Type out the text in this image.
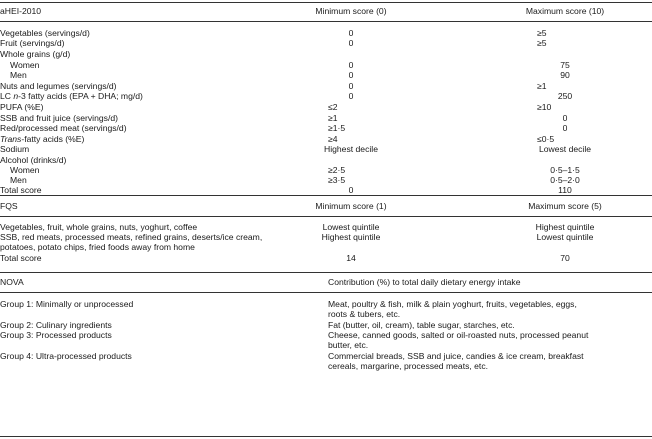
aHEI-2010	Minimum score (0)	Maximum score (10)
Vegetables (servings/d)	0	≥5
Fruit (servings/d)	0	≥5
Whole grains (g/d)
Women	0	75
Men	0	90
Nuts and legumes (servings/d)	0	≥1
LC n-3 fatty acids (EPA + DHA; mg/d)	0	250
PUFA (%E)	≤2	≥10
SSB and fruit juice (servings/d)	≥1	0
Red/processed meat (servings/d)	≥1·5	0
Trans-fatty acids (%E)	≥4	≤0·5
Sodium	Highest decile	Lowest decile
Alcohol (drinks/d)
Women	≥2·5	0·5–1·5
Men	≥3·5	0·5–2·0
Total score	0	110
FQS	Minimum score (1)	Maximum score (5)
Vegetables, fruit, whole grains, nuts, yoghurt, coffee	Lowest quintile	Highest quintile
SSB, red meats, processed meats, refined grains, deserts/ice cream,
potatoes, potato chips, fried foods away from home
Highest quintile	Lowest quintile
Total score	14	70
NOVA	Contribution (%) to total daily dietary energy intake
Group 1: Minimally or unprocessed	Meat, poultry & fish, milk & plain yoghurt, fruits, vegetables, eggs,
roots & tubers, etc.
Group 2: Culinary ingredients	Fat (butter, oil, cream), table sugar, starches, etc.
Group 3: Processed products	Cheese, canned goods, salted or oil-roasted nuts, processed peanut
butter, etc.
Group 4: Ultra-processed products	Commercial breads, SSB and juice, candies & ice cream, breakfast
cereals, margarine, processed meats, etc.
